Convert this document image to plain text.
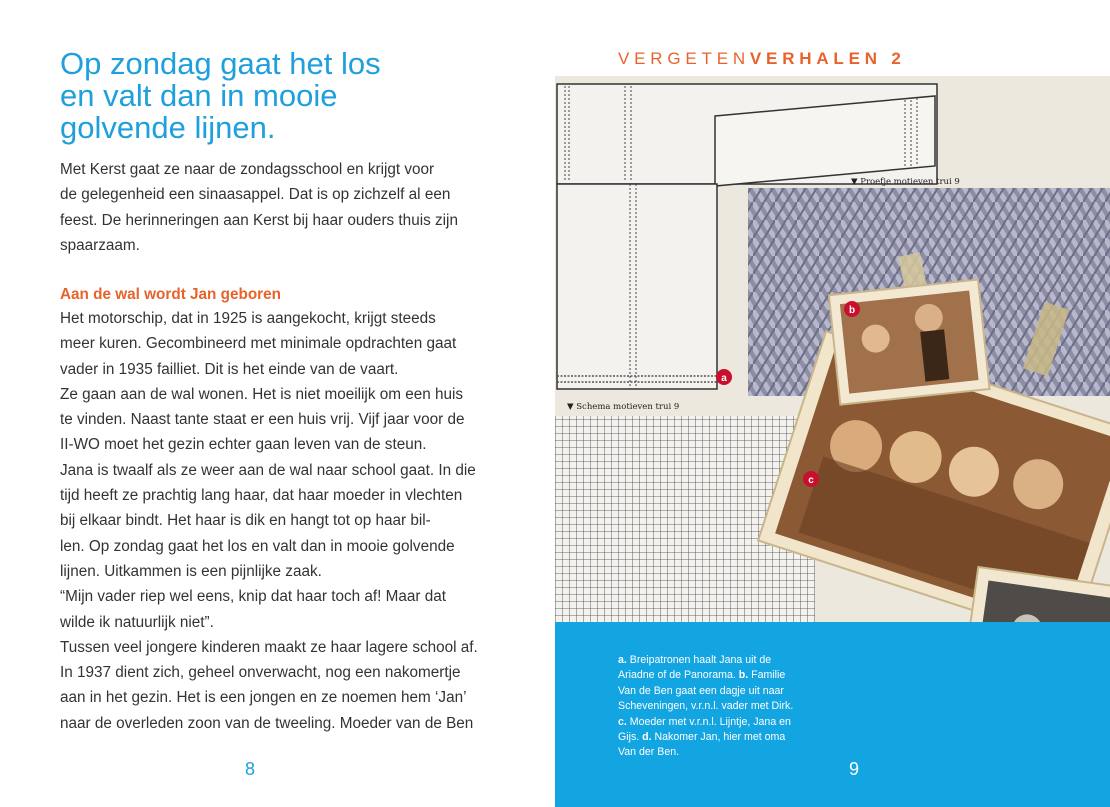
Op zondag gaat het los
en valt dan in mooie
golvende lijnen.

Met Kerst gaat ze naar de zondagsschool en krijgt voor
de gelegenheid een sinaasappel. Dat is op zichzelf al een
feest. De herinneringen aan Kerst bij haar ouders thuis zijn
spaarzaam.

Aan de wal wordt Jan geboren

Het motorschip, dat in 1925 is aangekocht, krijgt steeds
meer kuren. Gecombineerd met minimale opdrachten gaat
vader in 1935 failliet. Dit is het einde van de vaart.
Ze gaan aan de wal wonen. Het is niet moeilijk om een huis
te vinden. Naast tante staat er een huis vrij. Vijf jaar voor de
II-WO moet het gezin echter gaan leven van de steun.
Jana is twaalf als ze weer aan de wal naar school gaat. In die
tijd heeft ze prachtig lang haar, dat haar moeder in vlechten
bij elkaar bindt. Het haar is dik en hangt tot op haar bil-
len. Op zondag gaat het los en valt dan in mooie golvende
lijnen. Uitkammen is een pijnlijke zaak.
“Mijn vader riep wel eens, knip dat haar toch af! Maar dat
wilde ik natuurlijk niet”.
Tussen veel jongere kinderen maakt ze haar lagere school af.
In 1937 dient zich, geheel onverwacht, nog een nakomertje
aan in het gezin. Het is een jongen en ze noemen hem ‘Jan’
naar de overleden zoon van de tweeling. Moeder van de Ben

8
VERGETENVERHALEN 2
▼ Proefje motieven trui 9
▼ Schema motieven trui 9
a
b
c

a. Breipatronen haalt Jana uit de
Ariadne of de Panorama. b. Familie
Van de Ben gaat een dagje uit naar
Scheveningen, v.r.n.l. vader met Dirk.
c. Moeder met v.r.n.l. Lijntje, Jana en
Gijs. d. Nakomer Jan, hier met oma
Van der Ben.

9
